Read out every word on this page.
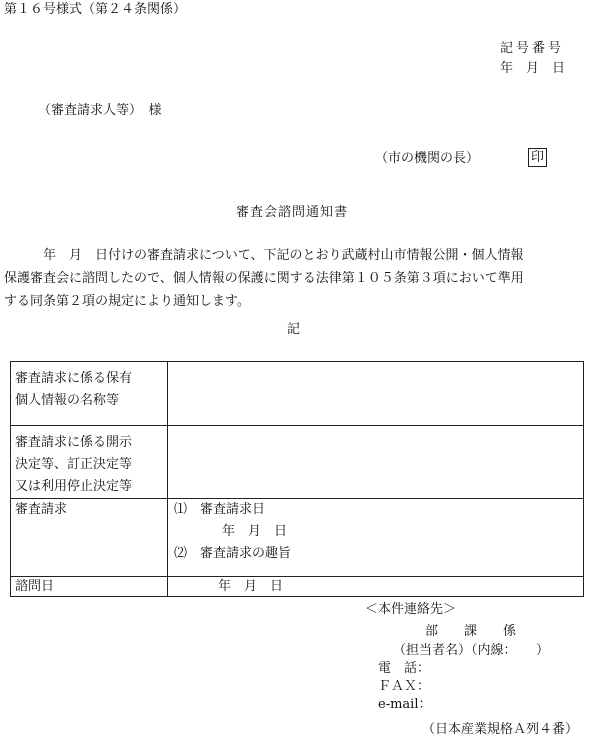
第１６号様式（第２４条関係）
記号番号
年　月　日
（審査請求人等）　様
（市の機関の長）	印
審査会諮問通知書
　　　年　月　日付けの審査請求について、下記のとおり武蔵村山市情報公開・個人情報
保護審査会に諮問したので、個人情報の保護に関する法律第１０５条第３項において準用
する同条第２項の規定により通知します。
記
審査請求に係る保有
個人情報の名称等	

審査請求に係る開示
決定等、訂正決定等
又は利用停止決定等	

審査請求	⑴　審査請求日
年　月　日
⑵　審査請求の趣旨

諮問日	年　月　日
＜本件連絡先＞
部　　課　　係
（担当者名）（内線：　　）
電　話：
ＦＡＸ：
e-mail：
（日本産業規格Ａ列４番）
